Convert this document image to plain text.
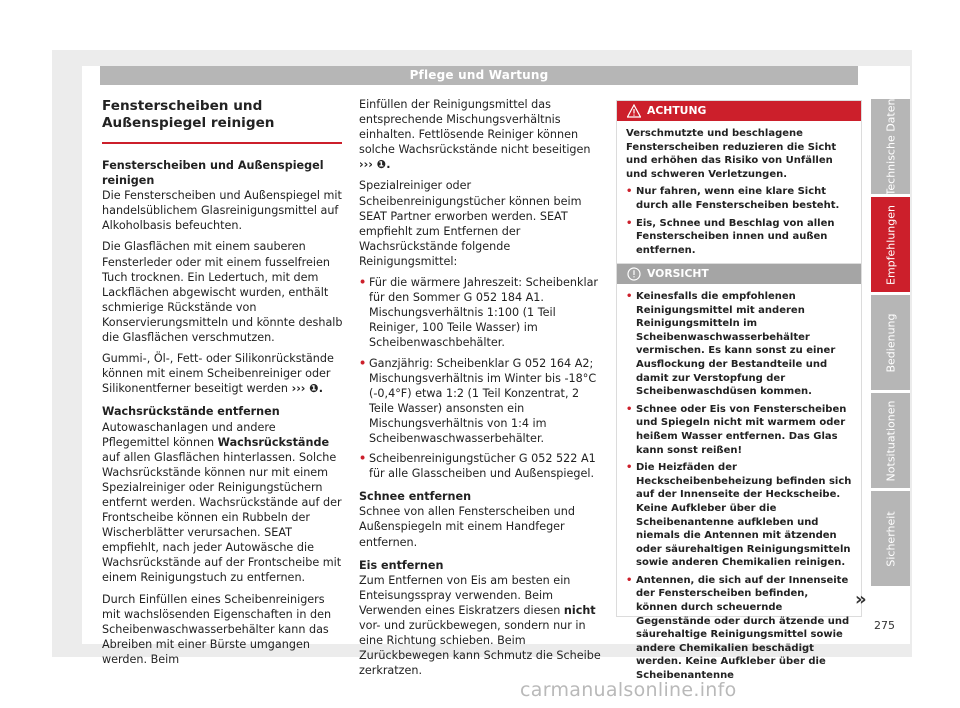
Pflege und Wartung
Fensterscheiben und Außenspiegel reinigen

Fensterscheiben und Außenspiegel reinigen

Die Fensterscheiben und Außenspiegel mit handelsüblichem Glasreinigungsmittel auf Alkoholbasis befeuchten.

Die Glasflächen mit einem sauberen Fensterleder oder mit einem fusselfreien Tuch trocknen. Ein Ledertuch, mit dem Lackflächen abgewischt wurden, enthält schmierige Rückstände von Konservierungsmitteln und könnte deshalb die Glasflächen verschmutzen.

Gummi-, Öl-, Fett- oder Silikonrückstände können mit einem Scheibenreiniger oder Silikonentferner beseitigt werden ››› ❶.

Wachsrückstände entfernen

Autowaschanlagen und andere Pflegemittel können Wachsrückstände auf allen Glasflächen hinterlassen. Solche Wachsrückstände können nur mit einem Spezialreiniger oder Reinigungstüchern entfernt werden. Wachsrückstände auf der Frontscheibe können ein Rubbeln der Wischerblätter verursachen. SEAT empfiehlt, nach jeder Autowäsche die Wachsrückstände auf der Frontscheibe mit einem Reinigungstuch zu entfernen.

Durch Einfüllen eines Scheibenreinigers mit wachslösenden Eigenschaften in den Scheibenwaschwasserbehälter kann das Abreiben mit einer Bürste umgangen werden. Beim

Einfüllen der Reinigungsmittel das entsprechende Mischungsverhältnis einhalten. Fettlösende Reiniger können solche Wachsrückstände nicht beseitigen ››› ❶.

Spezialreiniger oder Scheibenreinigungstücher können beim SEAT Partner erworben werden. SEAT empfiehlt zum Entfernen der Wachsrückstände folgende Reinigungsmittel:

• Für die wärmere Jahreszeit: Scheibenklar für den Sommer G 052 184 A1. Mischungsverhältnis 1:100 (1 Teil Reiniger, 100 Teile Wasser) im Scheibenwaschbehälter.
• Ganzjährig: Scheibenklar G 052 164 A2; Mischungsverhältnis im Winter bis -18°C (-0,4°F) etwa 1:2 (1 Teil Konzentrat, 2 Teile Wasser) ansonsten ein Mischungsverhältnis von 1:4 im Scheibenwaschwasserbehälter.
• Scheibenreinigungstücher G 052 522 A1 für alle Glasscheiben und Außenspiegel.

Schnee entfernen

Schnee von allen Fensterscheiben und Außenspiegeln mit einem Handfeger entfernen.

Eis entfernen

Zum Entfernen von Eis am besten ein Enteisungsspray verwenden. Beim Verwenden eines Eiskratzers diesen nicht vor- und zurückbewegen, sondern nur in eine Richtung schieben. Beim Zurückbewegen kann Schmutz die Scheibe zerkratzen.

ACHTUNG

Verschmutzte und beschlagene Fensterscheiben reduzieren die Sicht und erhöhen das Risiko von Unfällen und schweren Verletzungen.

• Nur fahren, wenn eine klare Sicht durch alle Fensterscheiben besteht.
• Eis, Schnee und Beschlag von allen Fensterscheiben innen und außen entfernen.
VORSICHT
• Keinesfalls die empfohlenen Reinigungsmittel mit anderen Reinigungsmitteln im Scheibenwaschwasserbehälter vermischen. Es kann sonst zu einer Ausflockung der Bestandteile und damit zur Verstopfung der Scheibenwaschdüsen kommen.
• Schnee oder Eis von Fensterscheiben und Spiegeln nicht mit warmem oder heißem Wasser entfernen. Das Glas kann sonst reißen!
• Die Heizfäden der Heckscheibenbeheizung befinden sich auf der Innenseite der Heckscheibe. Keine Aufkleber über die Scheibenantenne aufkleben und niemals die Antennen mit ätzenden oder säurehaltigen Reinigungsmitteln sowie anderen Chemikalien reinigen.
• Antennen, die sich auf der Innenseite der Fensterscheiben befinden, können durch scheuernde Gegenstände oder durch ätzende und säurehaltige Reinigungsmittel sowie andere Chemikalien beschädigt werden. Keine Aufkleber über die Scheibenantenne
»
Technische Daten
Empfehlungen
Bedienung
Notsituationen
Sicherheit
275
carmanualsonline.info
